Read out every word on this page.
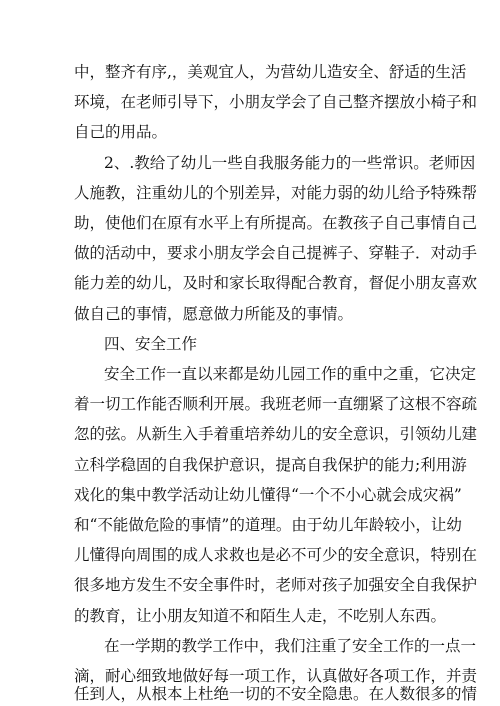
中，整齐有序,，美观宜人，为营幼儿造安全、舒适的生活
环境，在老师引导下，小朋友学会了自己整齐摆放小椅子和
自己的用品。
2、.教给了幼儿一些自我服务能力的一些常识。老师因
人施教，注重幼儿的个别差异，对能力弱的幼儿给予特殊帮
助，使他们在原有水平上有所提高。在教孩子自己事情自己
做的活动中，要求小朋友学会自己提裤子、穿鞋子．对动手
能力差的幼儿，及时和家长取得配合教育，督促小朋友喜欢
做自己的事情，愿意做力所能及的事情。
四、安全工作
安全工作一直以来都是幼儿园工作的重中之重，它决定
着一切工作能否顺利开展。我班老师一直绷紧了这根不容疏
忽的弦。从新生入手着重培养幼儿的安全意识，引领幼儿建
立科学稳固的自我保护意识，提高自我保护的能力;利用游
戏化的集中教学活动让幼儿懂得“一个不小心就会成灾祸”
和“不能做危险的事情”的道理。由于幼儿年龄较小，让幼
儿懂得向周围的成人求救也是必不可少的安全意识，特别在
很多地方发生不安全事件时，老师对孩子加强安全自我保护
的教育，让小朋友知道不和陌生人走，不吃别人东西。
在一学期的教学工作中，我们注重了安全工作的一点一
滴，耐心细致地做好每一项工作，认真做好各项工作，并责
任到人，从根本上杜绝一切的不安全隐患。在人数很多的情
